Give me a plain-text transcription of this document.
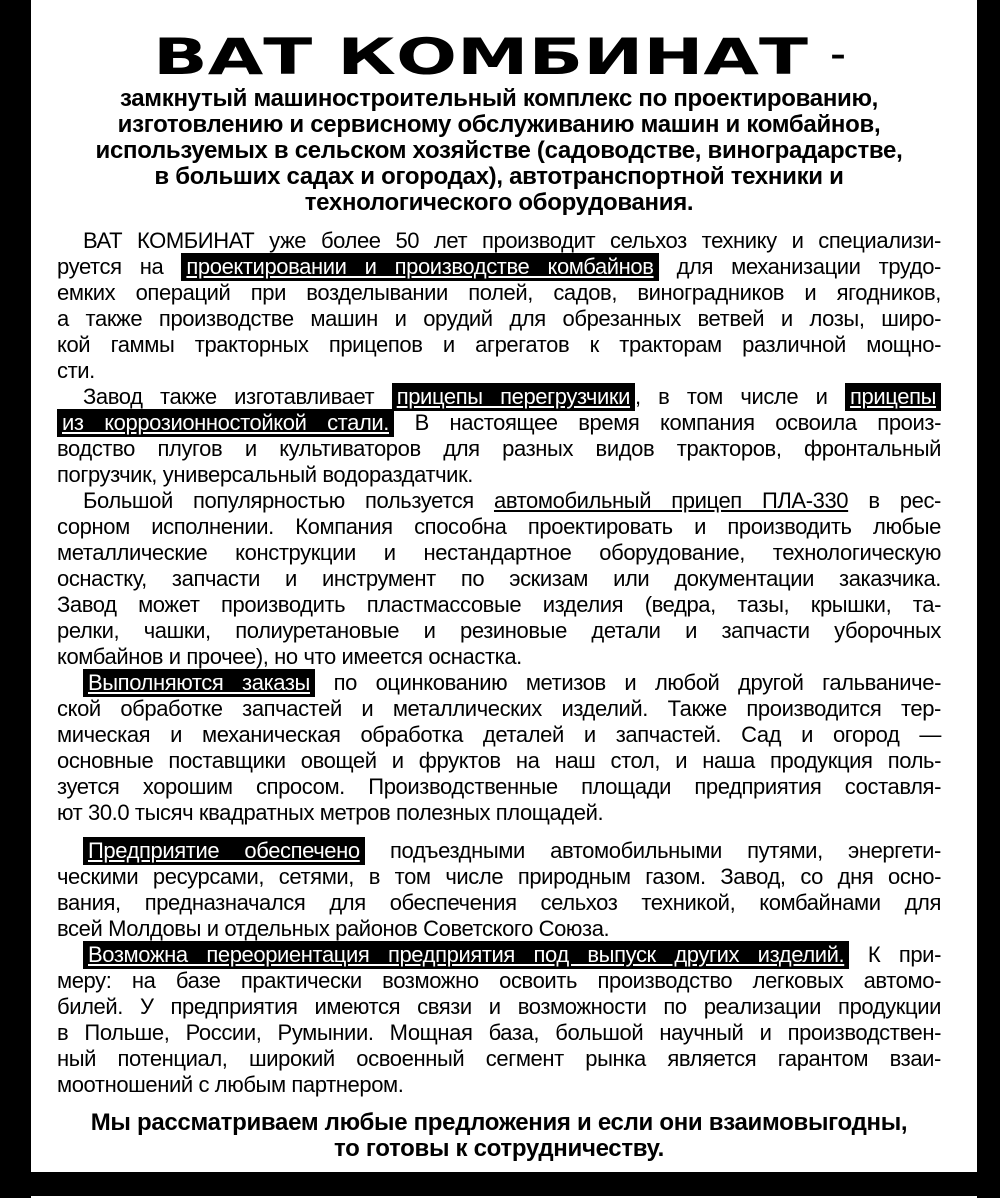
ВАТ КОМБИНАТ –
замкнутый машиностроительный комплекс по проектированию,
изготовлению и сервисному обслуживанию машин и комбайнов,
используемых в сельском хозяйстве (садоводстве, виноградарстве,
в больших садах и огородах), автотранспортной техники и
технологического оборудования.
ВАТ КОМБИНАТ уже более 50 лет производит сельхоз технику и специализи-
руется на проектировании и производстве комбайнов для механизации трудо-
емких операций при возделывании полей, садов, виноградников и ягодников,
а также производстве машин и орудий для обрезанных ветвей и лозы, широ-
кой гаммы тракторных прицепов и агрегатов к тракторам различной мощно-
сти.
Завод также изготавливает прицепы перегрузчики , в том числе и прицепы
из коррозионностойкой стали. В настоящее время компания освоила произ-
водство плугов и культиваторов для разных видов тракторов, фронтальный
погрузчик, универсальный водораздатчик.
Большой популярностью пользуется автомобильный прицеп ПЛА-330 в рес-
сорном исполнении. Компания способна проектировать и производить любые
металлические конструкции и нестандартное оборудование, технологическую
оснастку, запчасти и инструмент по эскизам или документации заказчика.
Завод может производить пластмассовые изделия (ведра, тазы, крышки, та-
релки, чашки, полиуретановые и резиновые детали и запчасти уборочных
комбайнов и прочее), но что имеется оснастка.
Выполняются заказы по оцинкованию метизов и любой другой гальваниче-
ской обработке запчастей и металлических изделий. Также производится тер-
мическая и механическая обработка деталей и запчастей. Сад и огород —
основные поставщики овощей и фруктов на наш стол, и наша продукция поль-
зуется хорошим спросом. Производственные площади предприятия составля-
ют 30.0 тысяч квадратных метров полезных площадей.
Предприятие обеспечено подъездными автомобильными путями, энергети-
ческими ресурсами, сетями, в том числе природным газом. Завод, со дня осно-
вания, предназначался для обеспечения сельхоз техникой, комбайнами для
всей Молдовы и отдельных районов Советского Союза.
Возможна переориентация предприятия под выпуск других изделий. К при-
меру: на базе практически возможно освоить производство легковых автомо-
билей. У предприятия имеются связи и возможности по реализации продукции
в Польше, России, Румынии. Мощная база, большой научный и производствен-
ный потенциал, широкий освоенный сегмент рынка является гарантом взаи-
моотношений с любым партнером.
Мы рассматриваем любые предложения и если они взаимовыгодны,
то готовы к сотрудничеству.
